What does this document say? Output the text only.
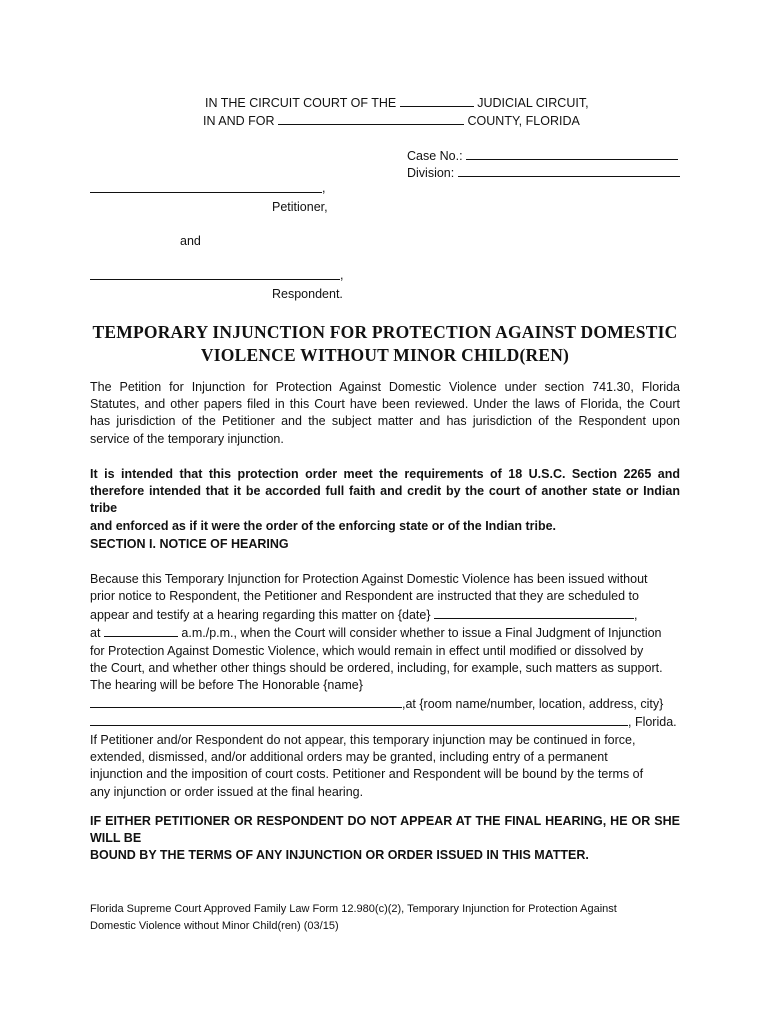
IN THE CIRCUIT COURT OF THE	JUDICIAL CIRCUIT,
IN AND FOR	COUNTY, FLORIDA
Case No.:
Division:
,
Petitioner,
and
,
Respondent.
TEMPORARY INJUNCTION FOR PROTECTION AGAINST DOMESTIC
VIOLENCE WITHOUT MINOR CHILD(REN)
The Petition for Injunction for Protection Against Domestic Violence under section 741.30, Florida
Statutes, and other papers filed in this Court have been reviewed. Under the laws of Florida, the Court
has jurisdiction of the Petitioner and the subject matter and has jurisdiction of the Respondent upon
service of the temporary injunction.
It is intended that this protection order meet the requirements of 18 U.S.C. Section 2265 and
therefore intended that it be accorded full faith and credit by the court of another state or Indian tribe
and enforced as if it were the order of the enforcing state or of the Indian tribe.
SECTION I. NOTICE OF HEARING
Because this Temporary Injunction for Protection Against Domestic Violence has been issued without
prior notice to Respondent, the Petitioner and Respondent are instructed that they are scheduled to
appear and testify at a hearing regarding this matter on {date}	,
at	a.m./p.m., when the Court will consider whether to issue a Final Judgment of Injunction
for Protection Against Domestic Violence, which would remain in effect until modified or dissolved by
the Court, and whether other things should be ordered, including, for example, such matters as support.
The hearing will be before The Honorable {name}
,at {room name/number, location, address, city}
, Florida.
If Petitioner and/or Respondent do not appear, this temporary injunction may be continued in force,
extended, dismissed, and/or additional orders may be granted, including entry of a permanent
injunction and the imposition of court costs. Petitioner and Respondent will be bound by the terms of
any injunction or order issued at the final hearing.
IF EITHER PETITIONER OR RESPONDENT DO NOT APPEAR AT THE FINAL HEARING, HE OR SHE WILL BE
BOUND BY THE TERMS OF ANY INJUNCTION OR ORDER ISSUED IN THIS MATTER.
Florida Supreme Court Approved Family Law Form 12.980(c)(2), Temporary Injunction for Protection Against
Domestic Violence without Minor Child(ren) (03/15)
